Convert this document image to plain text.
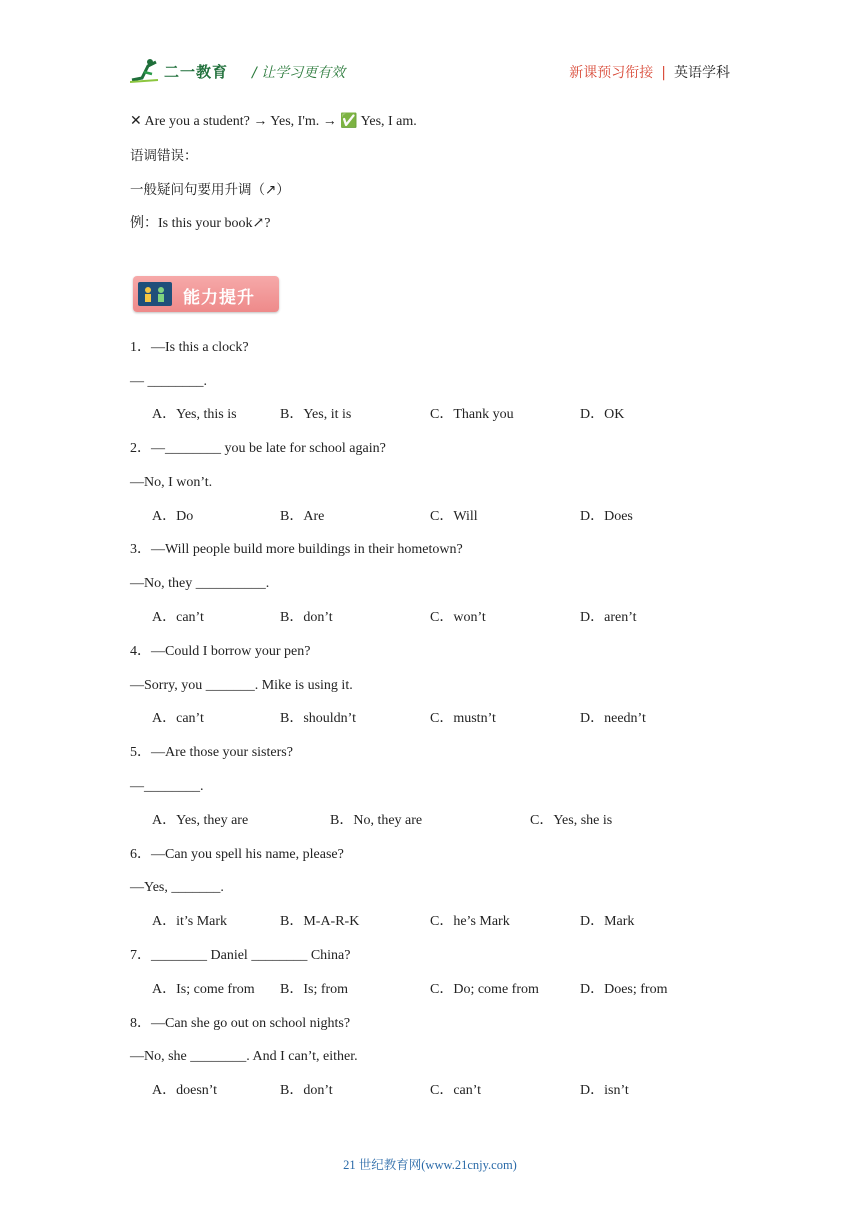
二一教育 / 让学习更有效	新课预习衔接 | 英语学科
✕ Are you a student? → Yes, I'm. → ✅ Yes, I am.
语调错误：
一般疑问句要用升调（↗）
例：Is this your book↗?
能力提升
1．—Is this a clock?
— ________.
A．Yes, this is	B．Yes, it is	C．Thank you	D．OK
2．—________ you be late for school again?
—No, I won’t.
A．Do	B．Are	C．Will	D．Does
3．—Will people build more buildings in their hometown?
—No, they __________.
A．can’t	B．don’t	C．won’t	D．aren’t
4．—Could I borrow your pen?
—Sorry, you _______. Mike is using it.
A．can’t	B．shouldn’t	C．mustn’t	D．needn’t
5．—Are those your sisters?
—________.
A．Yes, they are	B．No, they are	C．Yes, she is
6．—Can you spell his name, please?
—Yes, _______.
A．it’s Mark	B．M-A-R-K	C．he’s Mark	D．Mark
7．________ Daniel ________ China?
A．Is; come from B．Is; from	C．Do; come from	D．Does; from
8．—Can she go out on school nights?
—No, she ________. And I can’t, either.
A．doesn’t	B．don’t	C．can’t	D．isn’t
21 世纪教育网(www.21cnjy.com)
